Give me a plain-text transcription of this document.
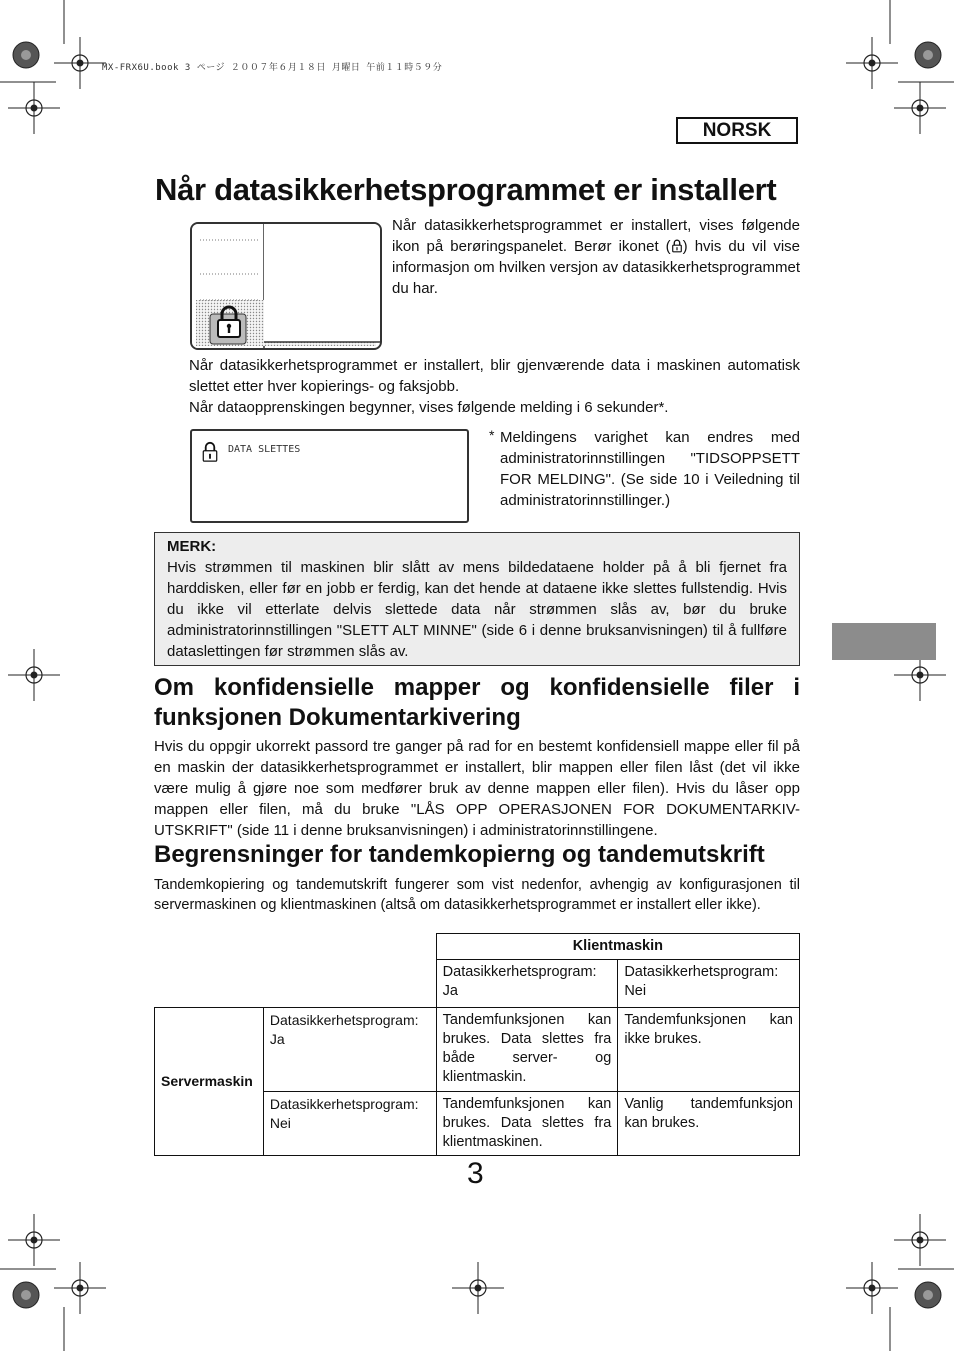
MX-FRX6U.book 3 ページ ２００７年６月１８日 月曜日 午前１１時５９分
NORSK
Når datasikkerhetsprogrammet er installert
Når datasikkerhetsprogrammet er installert, vises følgende ikon på berøringspanelet. Berør ikonet ( ) hvis du vil vise informasjon om hvilken versjon av datasikkerhetsprogrammet du har.
Når datasikkerhetsprogrammet er installert, blir gjenværende data i maskinen automatisk slettet etter hver kopierings- og faksjobb.
Når dataopprenskingen begynner, vises følgende melding i 6 sekunder*.
DATA SLETTES
* Meldingens varighet kan endres med administratorinnstillingen "TIDSOPPSETT FOR MELDING". (Se side 10 i Veiledning til administratorinnstillinger.)
MERK:
Hvis strømmen til maskinen blir slått av mens bildedataene holder på å bli fjernet fra harddisken, eller før en jobb er ferdig, kan det hende at dataene ikke slettes fullstendig. Hvis du ikke vil etterlate delvis slettede data når strømmen slås av, bør du bruke administratorinnstillingen "SLETT ALT MINNE" (side 6 i denne bruksanvisningen) til å fullføre dataslettingen før strømmen slås av.
Om konfidensielle mapper og konfidensielle filer i funksjonen Dokumentarkivering
Hvis du oppgir ukorrekt passord tre ganger på rad for en bestemt konfidensiell mappe eller fil på en maskin der datasikkerhetsprogrammet er installert, blir mappen eller filen låst (det vil ikke være mulig å gjøre noe som medfører bruk av denne mappen eller filen). Hvis du låser opp mappen eller filen, må du bruke "LÅS OPP OPERASJONEN FOR DOKUMENTARKIV-UTSKRIFT" (side 11 i denne bruksanvisningen) i administratorinnstillingene.
Begrensninger for tandemkopierng og tandemutskrift
Tandemkopiering og tandemutskrift fungerer som vist nedenfor, avhengig av konfigurasjonen til servermaskinen og klientmaskinen (altså om datasikkerhetsprogrammet er installert eller ikke).
		Klientmaskin	
		Datasikkerhetsprogram: Ja	Datasikkerhetsprogram: Nei
Servermaskin	Datasikkerhetsprogram: Ja	Tandemfunksjonen kan brukes. Data slettes fra både server- og klientmaskin.	Tandemfunksjonen kan ikke brukes.
	Datasikkerhetsprogram: Nei	Tandemfunksjonen kan brukes. Data slettes fra klientmaskinen.	Vanlig tandemfunksjon kan brukes.
3
